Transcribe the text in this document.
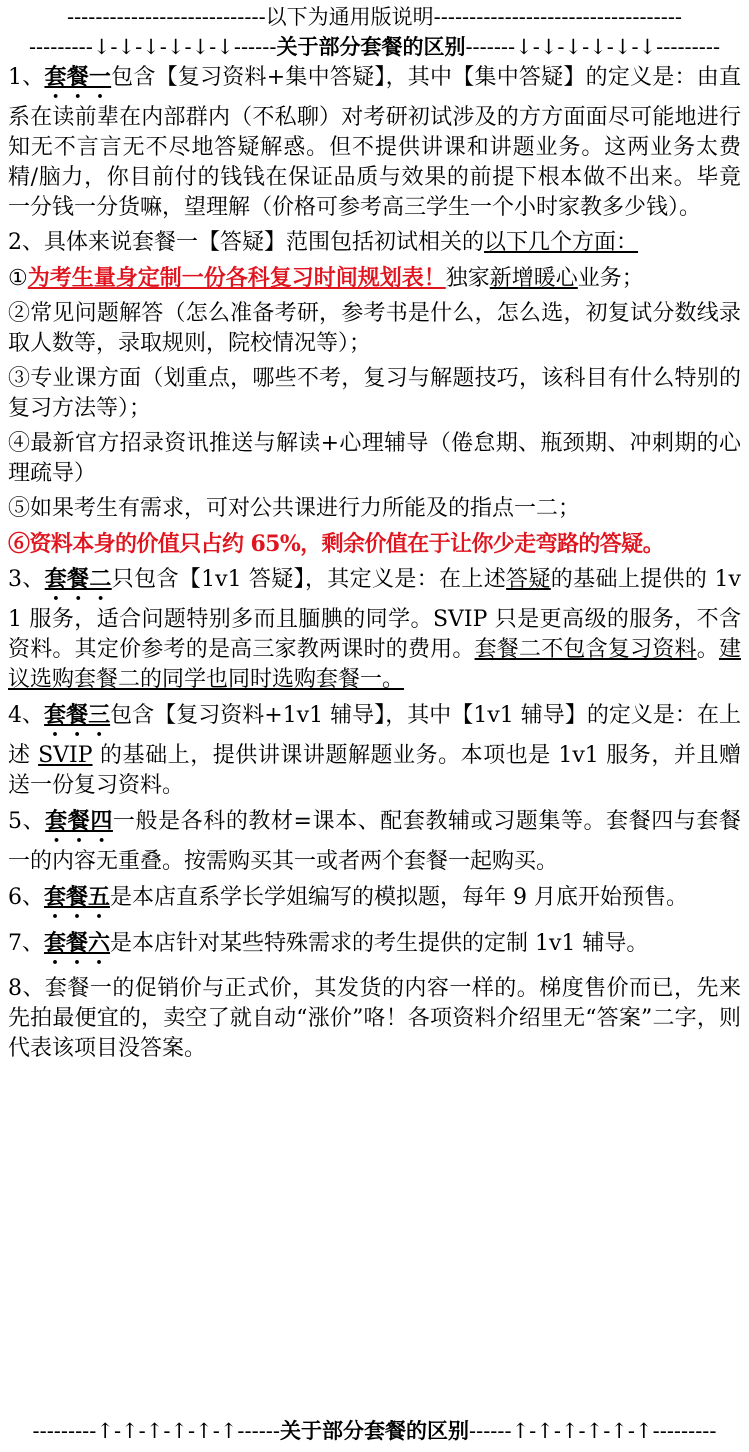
----------------------------以下为通用版说明-----------------------------------
---------↓-↓-↓-↓-↓-↓------关于部分套餐的区别-------↓-↓-↓-↓-↓-↓---------

1、套餐一包含【复习资料+集中答疑】，其中【集中答疑】的定义是：由直系在读前辈在内部群内（不私聊）对考研初试涉及的方方面面尽可能地进行知无不言言无不尽地答疑解惑。但不提供讲课和讲题业务。这两业务太费精/脑力，你目前付的钱钱在保证品质与效果的前提下根本做不出来。毕竟一分钱一分货嘛，望理解（价格可参考高三学生一个小时家教多少钱）。

2、具体来说套餐一【答疑】范围包括初试相关的以下几个方面：

①为考生量身定制一份各科复习时间规划表！独家新增暖心业务；

②常见问题解答（怎么准备考研，参考书是什么，怎么选，初复试分数线录取人数等，录取规则，院校情况等）；

③专业课方面（划重点，哪些不考，复习与解题技巧，该科目有什么特别的复习方法等）；

④最新官方招录资讯推送与解读+心理辅导（倦怠期、瓶颈期、冲刺期的心理疏导）

⑤如果考生有需求，可对公共课进行力所能及的指点一二；

⑥资料本身的价值只占约 65%，剩余价值在于让你少走弯路的答疑。

3、套餐二只包含【1v1 答疑】，其定义是：在上述答疑的基础上提供的 1v1 服务，适合问题特别多而且腼腆的同学。SVIP 只是更高级的服务，不含资料。其定价参考的是高三家教两课时的费用。套餐二不包含复习资料。建议选购套餐二的同学也同时选购套餐一。

4、套餐三包含【复习资料+1v1 辅导】，其中【1v1 辅导】的定义是：在上述 SVIP 的基础上，提供讲课讲题解题业务。本项也是 1v1 服务，并且赠送一份复习资料。

5、套餐四一般是各科的教材=课本、配套教辅或习题集等。套餐四与套餐一的内容无重叠。按需购买其一或者两个套餐一起购买。

6、套餐五是本店直系学长学姐编写的模拟题，每年 9 月底开始预售。

7、套餐六是本店针对某些特殊需求的考生提供的定制 1v1 辅导。

8、套餐一的促销价与正式价，其发货的内容一样的。梯度售价而已，先来先拍最便宜的，卖空了就自动“涨价”咯！各项资料介绍里无“答案”二字，则代表该项目没答案。

---------↑-↑-↑-↑-↑-↑------关于部分套餐的区别------↑-↑-↑-↑-↑-↑---------
